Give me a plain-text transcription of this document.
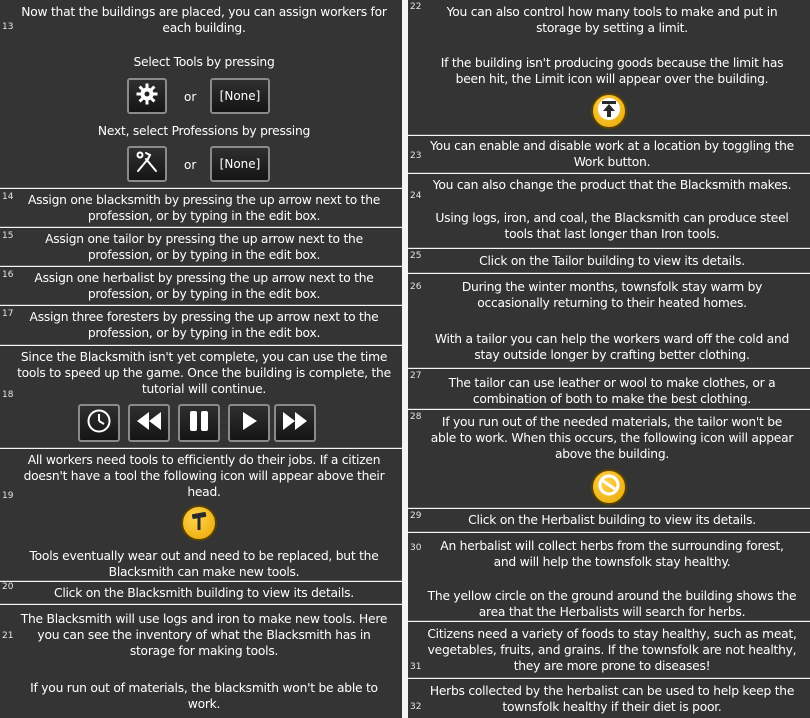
13
Now that the buildings are placed, you can assign workers for
each building.
Select Tools by pressing
or	[None]
Next, select Professions by pressing
or	[None]
14	Assign one blacksmith by pressing the up arrow next to the
profession, or by typing in the edit box.
15	Assign one tailor by pressing the up arrow next to the
profession, or by typing in the edit box.
16	Assign one herbalist by pressing the up arrow next to the
profession, or by typing in the edit box.
17	Assign three foresters by pressing the up arrow next to the
profession, or by typing in the edit box.
18
Since the Blacksmith isn't yet complete, you can use the time
tools to speed up the game. Once the building is complete, the
tutorial will continue.
19
All workers need tools to efficiently do their jobs. If a citizen
doesn't have a tool the following icon will appear above their
head.
Tools eventually wear out and need to be replaced, but the
Blacksmith can make new tools.
20	Click on the Blacksmith building to view its details.
21
The Blacksmith will use logs and iron to make new tools. Here
you can see the inventory of what the Blacksmith has in
storage for making tools.
If you run out of materials, the blacksmith won't be able to
work.
22	You can also control how many tools to make and put in
storage by setting a limit.
If the building isn't producing goods because the limit has
been hit, the Limit icon will appear over the building.
23
You can enable and disable work at a location by toggling the
Work button.
24
You can also change the product that the Blacksmith makes.
Using logs, iron, and coal, the Blacksmith can produce steel
tools that last longer than Iron tools.
25	Click on the Tailor building to view its details.
26	During the winter months, townsfolk stay warm by
occasionally returning to their heated homes.
With a tailor you can help the workers ward off the cold and
stay outside longer by crafting better clothing.
27	The tailor can use leather or wool to make clothes, or a
combination of both to make the best clothing.
28	If you run out of the needed materials, the tailor won't be
able to work. When this occurs, the following icon will appear
above the building.
29	Click on the Herbalist building to view its details.
30	An herbalist will collect herbs from the surrounding forest,
and will help the townsfolk stay healthy.
The yellow circle on the ground around the building shows the
area that the Herbalists will search for herbs.
31
Citizens need a variety of foods to stay healthy, such as meat,
vegetables, fruits, and grains. If the townsfolk are not healthy,
they are more prone to diseases!
32
Herbs collected by the herbalist can be used to help keep the
townsfolk healthy if their diet is poor.
